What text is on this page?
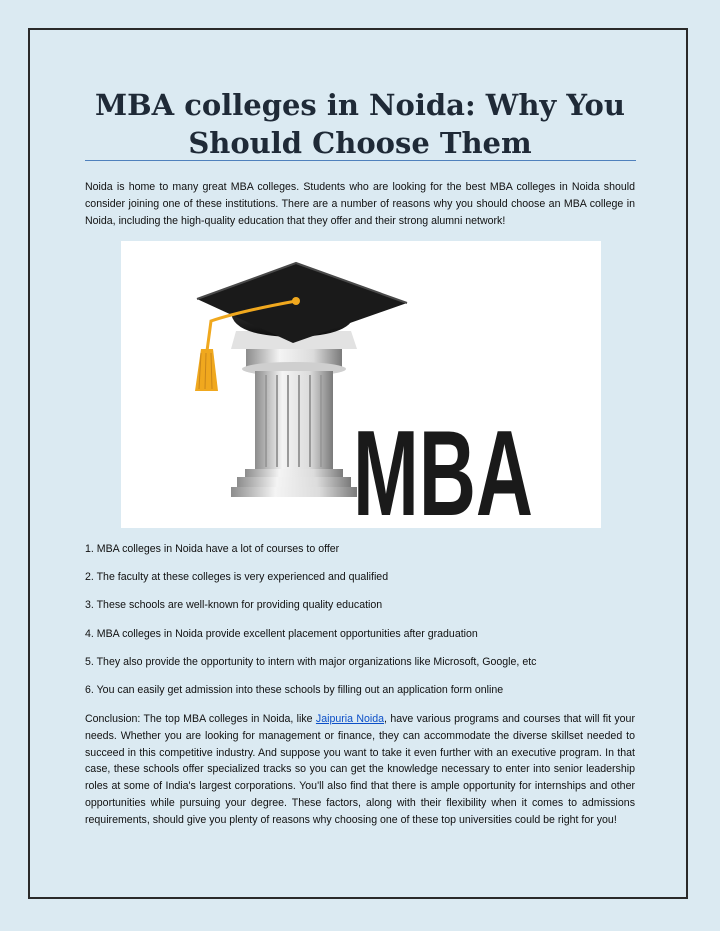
MBA colleges in Noida: Why You
Should Choose Them

Noida is home to many great MBA colleges. Students who are looking for the best MBA colleges in Noida should consider joining one of these institutions. There are a number of reasons why you should choose an MBA college in Noida, including the high-quality education that they offer and their strong alumni network!

MBA

1. MBA colleges in Noida have a lot of courses to offer

2. The faculty at these colleges is very experienced and qualified

3. These schools are well-known for providing quality education

4. MBA colleges in Noida provide excellent placement opportunities after graduation

5. They also provide the opportunity to intern with major organizations like Microsoft, Google, etc

6. You can easily get admission into these schools by filling out an application form online

Conclusion: The top MBA colleges in Noida, like Jaipuria Noida, have various programs and courses that will fit your needs. Whether you are looking for management or finance, they can accommodate the diverse skillset needed to succeed in this competitive industry. And suppose you want to take it even further with an executive program. In that case, these schools offer specialized tracks so you can get the knowledge necessary to enter into senior leadership roles at some of India's largest corporations. You'll also find that there is ample opportunity for internships and other opportunities while pursuing your degree. These factors, along with their flexibility when it comes to admissions requirements, should give you plenty of reasons why choosing one of these top universities could be right for you!
